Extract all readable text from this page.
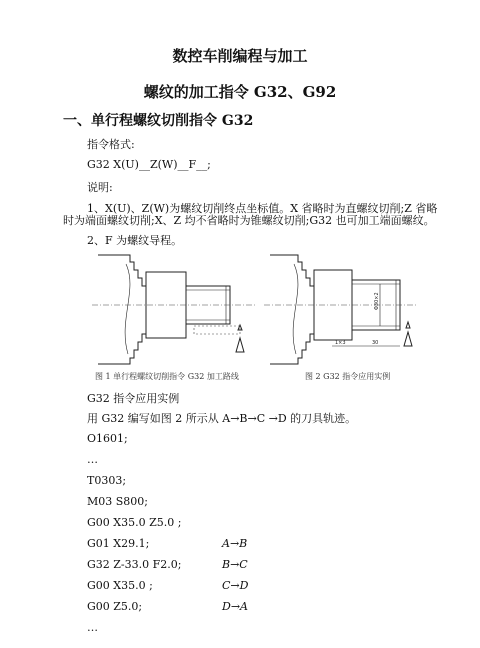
数控车削编程与加工
螺纹的加工指令 G32、G92
一、单行程螺纹切削指令 G32
指令格式:
G32 X(U)__Z(W)__F__;
说明:
1、X(U)、Z(W)为螺纹切削终点坐标值。X 省略时为直螺纹切削;Z 省略
时为端面螺纹切削;X、Z 均不省略时为锥螺纹切削;G32 也可加工端面螺纹。
2、F 为螺纹导程。
Φ30×2
1×3	30
图 1 单行程螺纹切削指令 G32 加工路线	图 2 G32 指令应用实例
G32 指令应用实例
用 G32 编写如图 2 所示从 A→B→C →D 的刀具轨迹。
O1601;
…
T0303;
M03 S800;
G00 X35.0 Z5.0 ;
G01 X29.1;	A→B
G32 Z-33.0 F2.0;	B→C
G00 X35.0 ;	C→D
G00 Z5.0;	D→A
…
